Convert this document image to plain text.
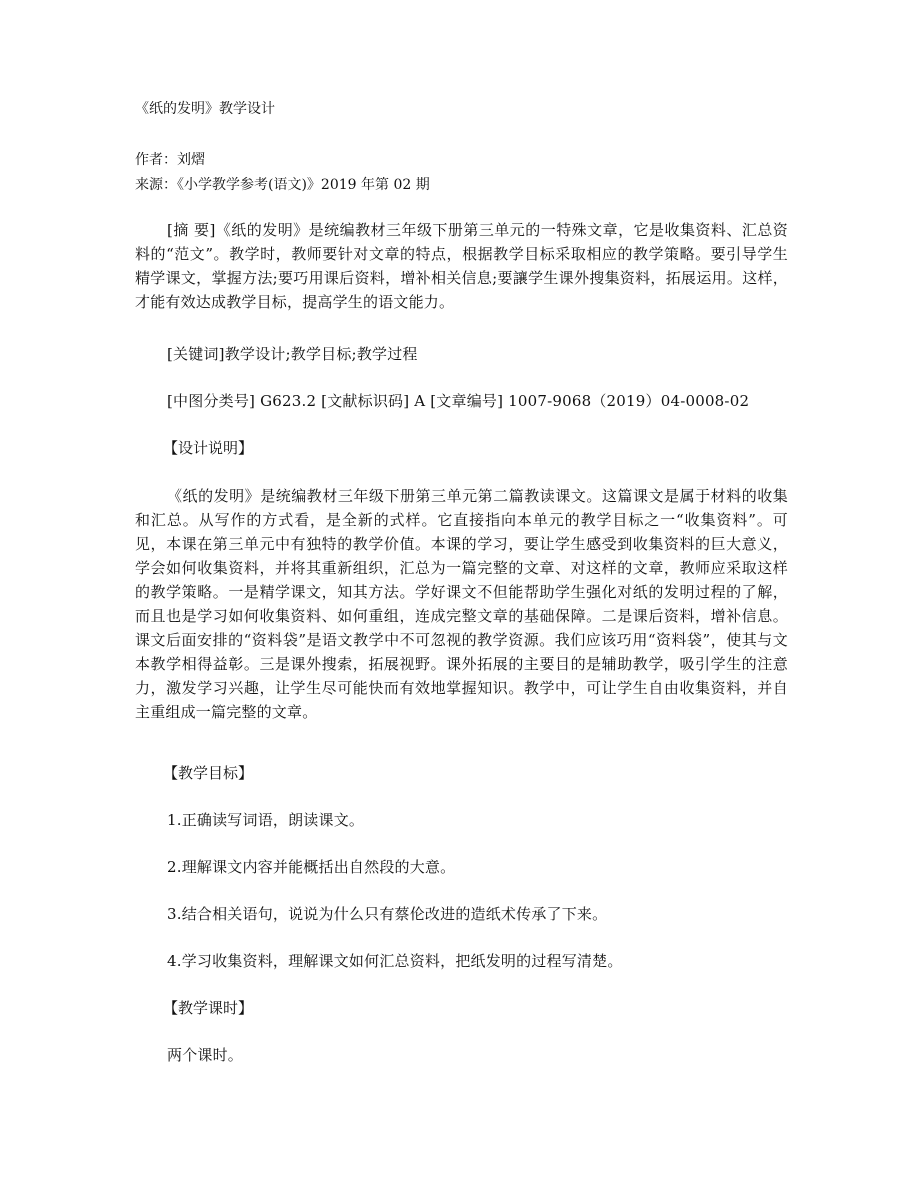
《纸的发明》教学设计
作者：刘熠
来源：《小学教学参考(语文)》2019 年第 02 期
[摘 要]《纸的发明》是统编教材三年级下册第三单元的一特殊文章，它是收集资料、汇总资料的“范文”。教学时，教师要针对文章的特点，根据教学目标采取相应的教学策略。要引导学生精学课文，掌握方法;要巧用课后资料，增补相关信息;要讓学生课外搜集资料，拓展运用。这样，才能有效达成教学目标，提高学生的语文能力。
[关键词]教学设计;教学目标;教学过程
[中图分类号] G623.2 [文献标识码] A [文章编号] 1007-9068（2019）04-0008-02
【设计说明】
《纸的发明》是统编教材三年级下册第三单元第二篇教读课文。这篇课文是属于材料的收集和汇总。从写作的方式看，是全新的式样。它直接指向本单元的教学目标之一“收集资料”。可见，本课在第三单元中有独特的教学价值。本课的学习，要让学生感受到收集资料的巨大意义，学会如何收集资料，并将其重新组织，汇总为一篇完整的文章、对这样的文章，教师应采取这样的教学策略。一是精学课文，知其方法。学好课文不但能帮助学生强化对纸的发明过程的了解，而且也是学习如何收集资料、如何重组，连成完整文章的基础保障。二是课后资料，增补信息。课文后面安排的“资料袋”是语文教学中不可忽视的教学资源。我们应该巧用“资料袋”，使其与文本教学相得益彰。三是课外搜索，拓展视野。课外拓展的主要目的是辅助教学，吸引学生的注意力，激发学习兴趣，让学生尽可能快而有效地掌握知识。教学中，可让学生自由收集资料，并自主重组成一篇完整的文章。
【教学目标】
1.正确读写词语，朗读课文。
2.理解课文内容并能概括出自然段的大意。
3.结合相关语句，说说为什么只有蔡伦改进的造纸术传承了下来。
4.学习收集资料，理解课文如何汇总资料，把纸发明的过程写清楚。
【教学课时】
两个课时。
